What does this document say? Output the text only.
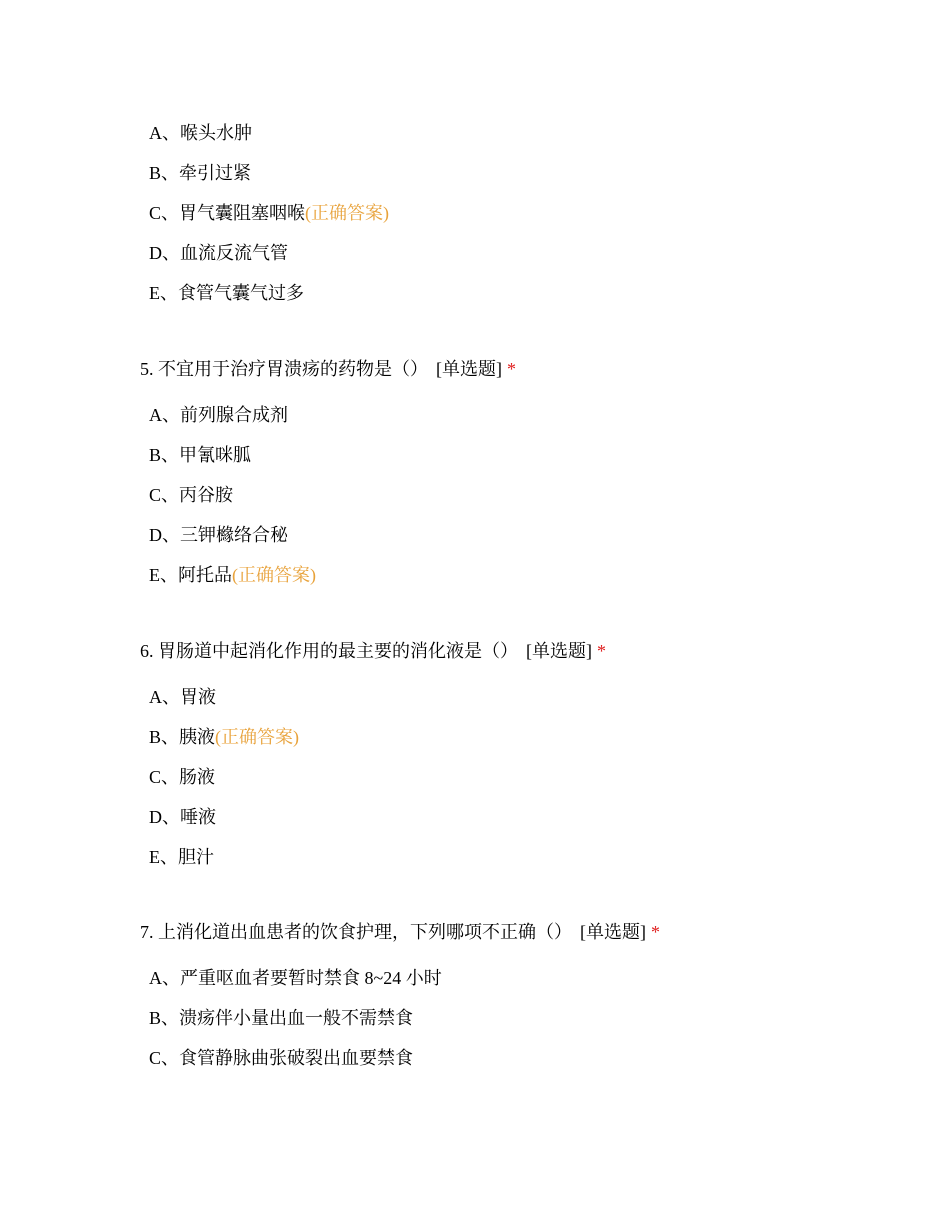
A、喉头水肿
B、牵引过紧
C、胃气囊阻塞咽喉(正确答案)
D、血流反流气管
E、食管气囊气过多
5. 不宜用于治疗胃溃疡的药物是（） [单选题] *
A、前列腺合成剂
B、甲氰咪胍
C、丙谷胺
D、三钾櫞络合秘
E、阿托品(正确答案)
6. 胃肠道中起消化作用的最主要的消化液是（） [单选题] *
A、胃液
B、胰液(正确答案)
C、肠液
D、唾液
E、胆汁
7. 上消化道出血患者的饮食护理，下列哪项不正确（） [单选题] *
A、严重呕血者要暂时禁食 8~24 小时
B、溃疡伴小量出血一般不需禁食
C、食管静脉曲张破裂出血要禁食
